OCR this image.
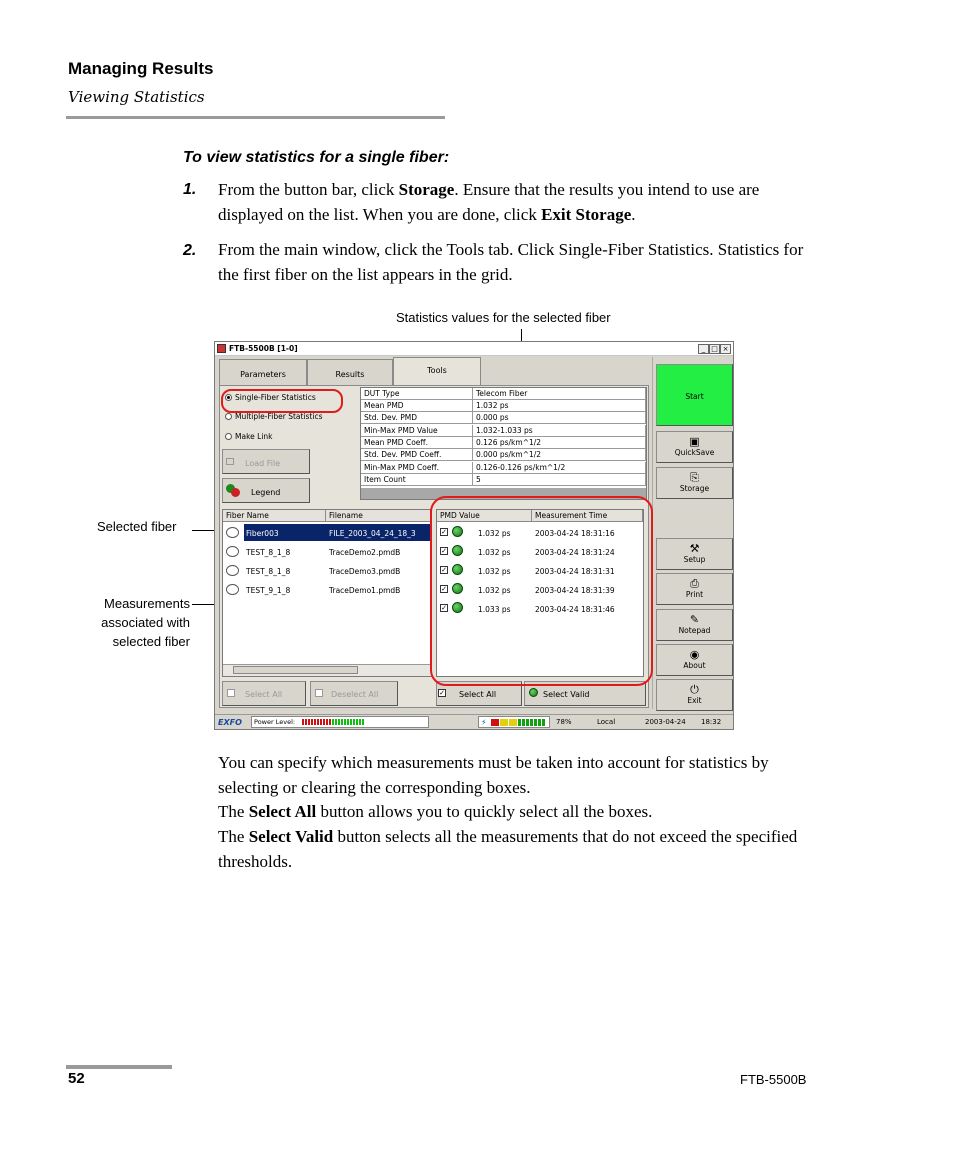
Managing Results
Viewing Statistics
To view statistics for a single fiber:
1. From the button bar, click Storage. Ensure that the results you intend to use are displayed on the list. When you are done, click Exit Storage.
2. From the main window, click the Tools tab. Click Single-Fiber Statistics. Statistics for the first fiber on the list appears in the grid.
Statistics values for the selected fiber
Selected fiber
Measurements
associated with
selected fiber
FTB-5500B [1-0]	_ □ ×
Parameters	Results	Tools
Single-Fiber Statistics
Multiple-Fiber Statistics
Make Link
Load File
Legend
DUT Type	Telecom Fiber
Mean PMD	1.032 ps
Std. Dev. PMD	0.000 ps
Min-Max PMD Value	1.032-1.033 ps
Mean PMD Coeff.	0.126 ps/km^1/2
Std. Dev. PMD Coeff.	0.000 ps/km^1/2
Min-Max PMD Coeff.	0.126-0.126 ps/km^1/2
Item Count	5
Fiber Name	Filename
Fiber003	FILE_2003_04_24_18_3
TEST_8_1_8	TraceDemo2.pmdB
TEST_8_1_8	TraceDemo3.pmdB
TEST_9_1_8	TraceDemo1.pmdB
PMD Value	Measurement Time
✓	1.032 ps	2003-04-24 18:31:16
✓	1.032 ps	2003-04-24 18:31:24
✓	1.032 ps	2003-04-24 18:31:31
✓	1.032 ps	2003-04-24 18:31:39
✓	1.033 ps	2003-04-24 18:31:46
Select All	Deselect All	Select All
✓	Select Valid
Start
▣
QuickSave
⎘
Storage
⚒
Setup
⎙
Print
✎
Notepad
◉
About
⏻
Exit
EXFO Power Level:	⚡	78%	Local	2003-04-24 18:32
You can specify which measurements must be taken into account for statistics by selecting or clearing the corresponding boxes.
The Select All button allows you to quickly select all the boxes.
The Select Valid button selects all the measurements that do not exceed the specified thresholds.
52	FTB-5500B
